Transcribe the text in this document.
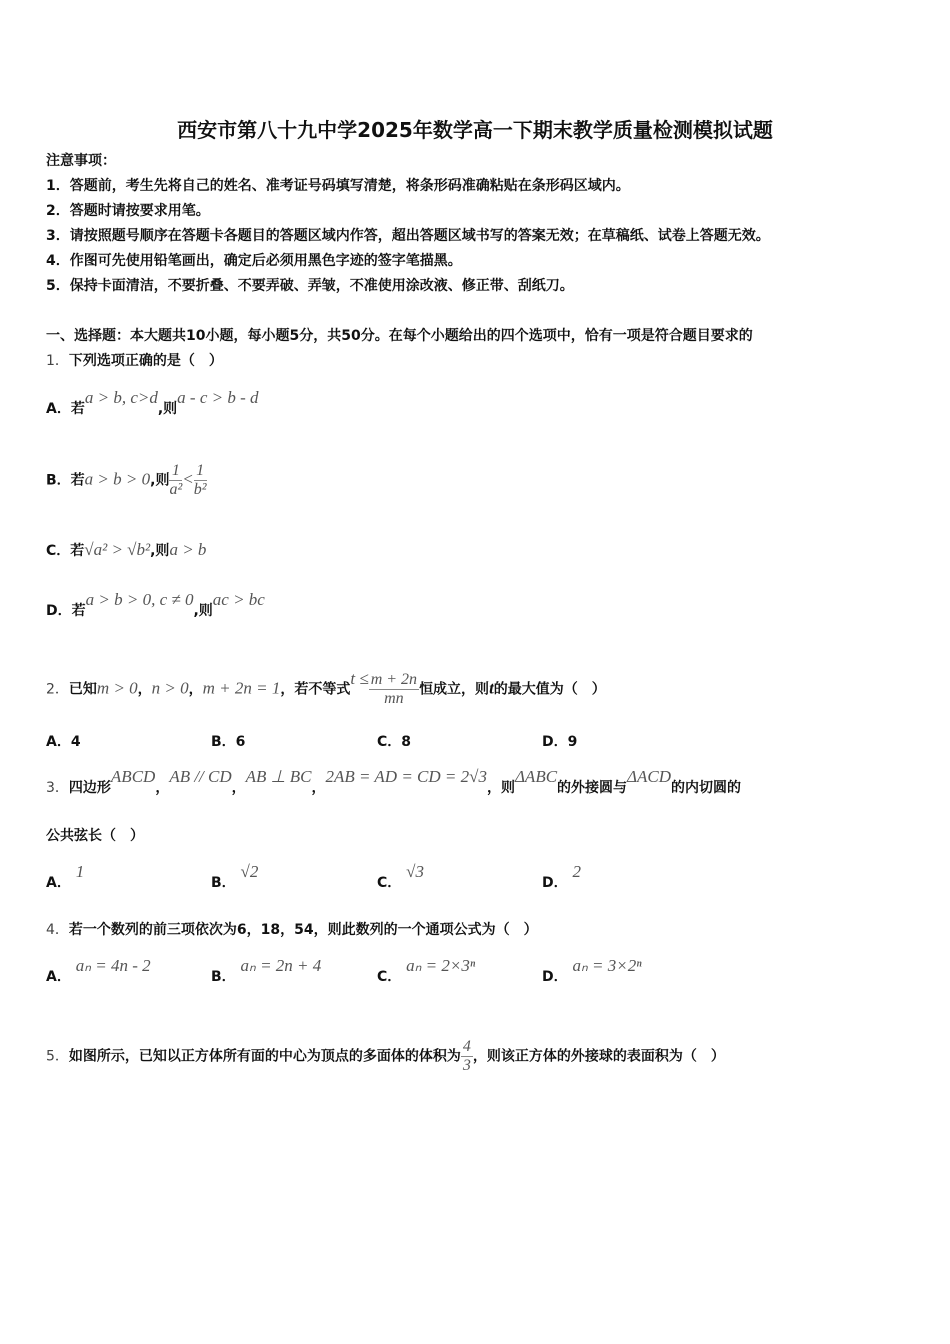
西安市第八十九中学2025年数学高一下期末教学质量检测模拟试题
注意事项：
1．答题前，考生先将自己的姓名、准考证号码填写清楚，将条形码准确粘贴在条形码区域内。
2．答题时请按要求用笔。
3．请按照题号顺序在答题卡各题目的答题区域内作答，超出答题区域书写的答案无效；在草稿纸、试卷上答题无效。
4．作图可先使用铅笔画出，确定后必须用黑色字迹的签字笔描黑。
5．保持卡面清洁，不要折叠、不要弄破、弄皱，不准使用涂改液、修正带、刮纸刀。
一、选择题：本大题共10小题，每小题5分，共50分。在每个小题给出的四个选项中，恰有一项是符合题目要求的
1．下列选项正确的是（　）
A．若a > b, c>d,则a - c > b - d
B．若a > b > 0,则 $\frac{1}{\text{a²}} < \frac{1}{\text{b²}}$
C．若√a² > √b²,则a > b
D．若a > b > 0, c ≠ 0,则ac > bc
2．已知m > 0，n > 0，m + 2n = 1，若不等式$t \le \frac{m + 2n}{mn}$ 恒成立，则t的最大值为（　）
A．4	B．6	C．8	D．9
3．四边形ABCD，AB // CD，AB ⊥ BC，2AB = AD = CD = 2√3，则ΔABC的外接圆与ΔACD的内切圆的
公共弦长（　）
A． 1
B． √2
C． √3
D． 2
4．若一个数列的前三项依次为6，18，54，则此数列的一个通项公式为（　）
A． aₙ = 4n - 2
B． aₙ = 2n + 4
C． aₙ = 2×3ⁿ
D． aₙ = 3×2ⁿ
5．如图所示，已知以正方体所有面的中心为顶点的多面体的体积为 $\frac{4}{3}$ ，则该正方体的外接球的表面积为（　）
